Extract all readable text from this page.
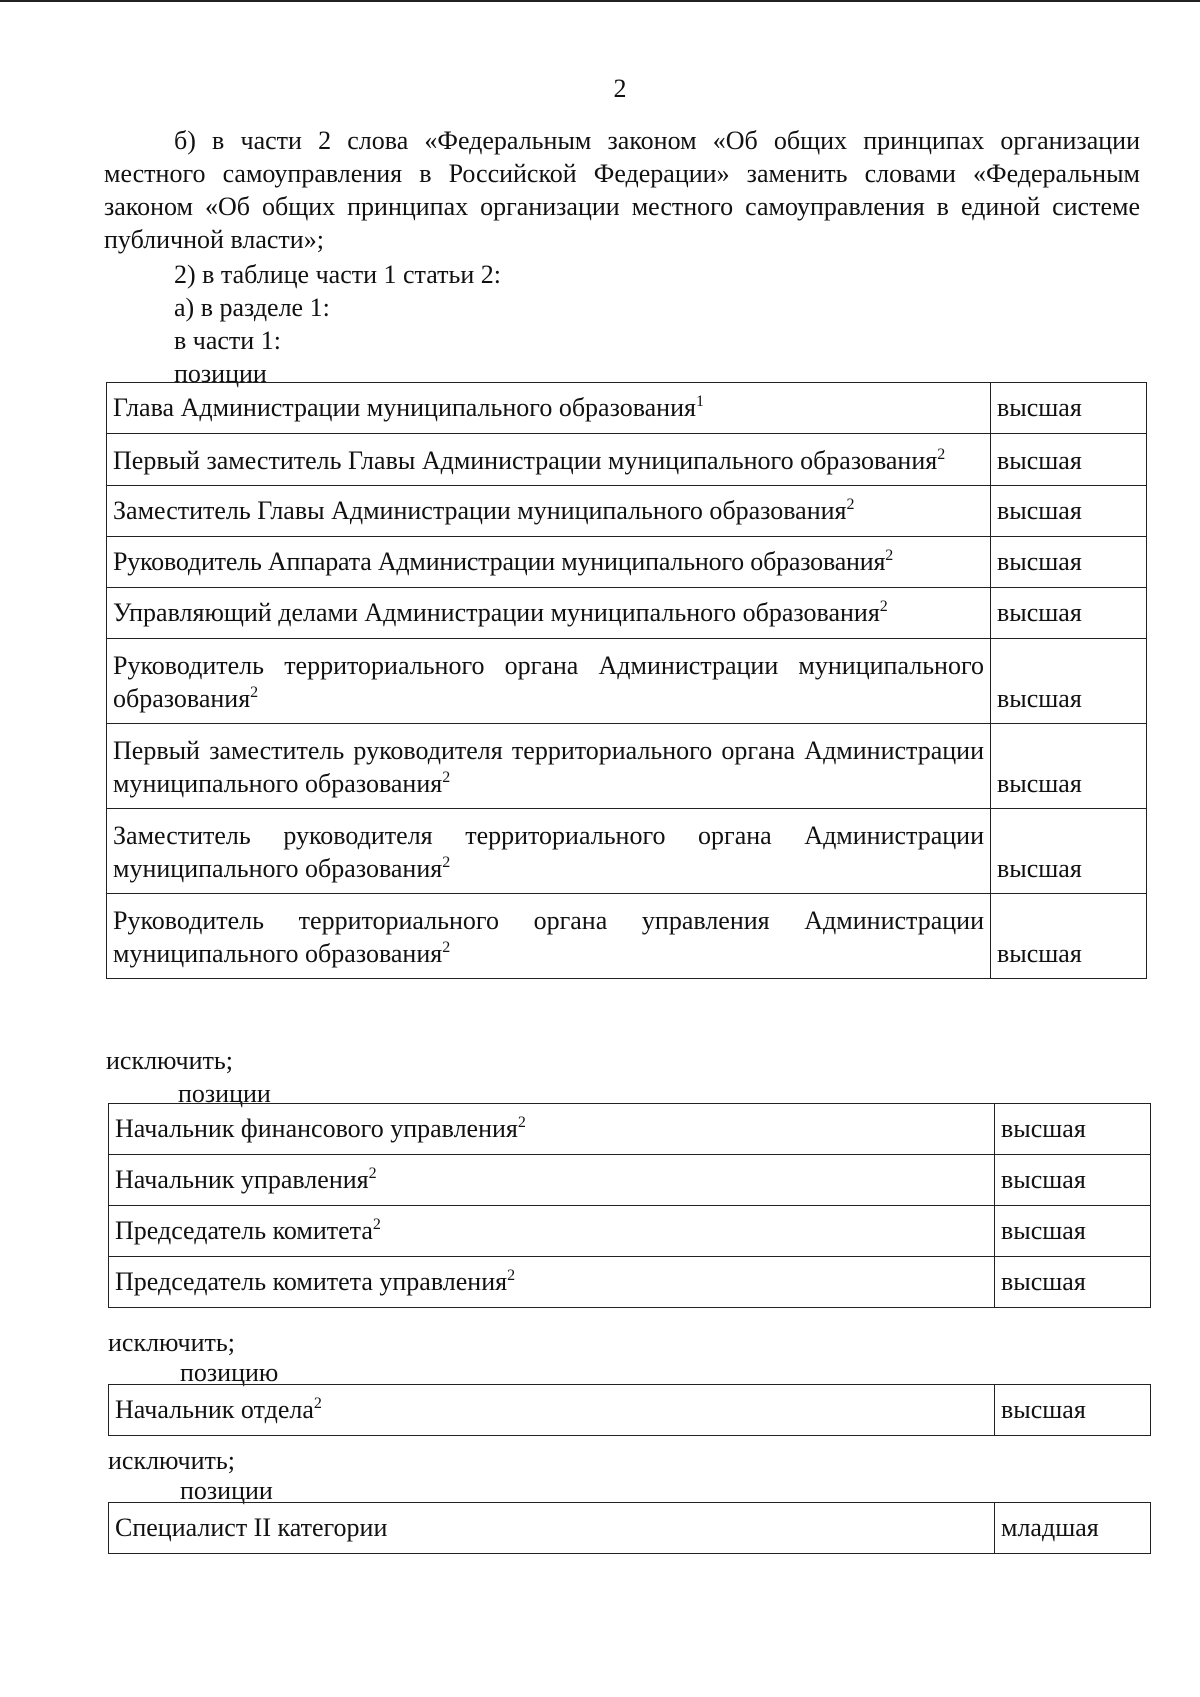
2

б) в части 2 слова «Федеральным законом «Об общих принципах организации местного самоуправления в Российской Федерации» заменить словами «Федеральным законом «Об общих принципах организации местного самоуправления в единой системе публичной власти»;

2) в таблице части 1 статьи 2:

а) в разделе 1:

в части 1:

позиции

Глава Администрации муниципального образования$^1$	высшая
Первый заместитель Главы Администрации муниципального образования$^2$	высшая
Заместитель Главы Администрации муниципального образования$^2$	высшая
Руководитель Аппарата Администрации муниципального образования$^2$	высшая
Управляющий делами Администрации муниципального образования$^2$	высшая
Руководитель территориального органа Администрации муниципального образования$^2$	высшая
Первый заместитель руководителя территориального органа Администрации муниципального образования$^2$	высшая
Заместитель руководителя территориального органа Администрации муниципального образования$^2$	высшая
Руководитель территориального органа управления Администрации муниципального образования$^2$	высшая

исключить;

позиции

Начальник финансового управления$^2$	высшая
Начальник управления$^2$	высшая
Председатель комитета$^2$	высшая
Председатель комитета управления$^2$	высшая

исключить;

позицию

Начальник отдела$^2$	высшая

исключить;

позиции

Специалист II категории	младшая
